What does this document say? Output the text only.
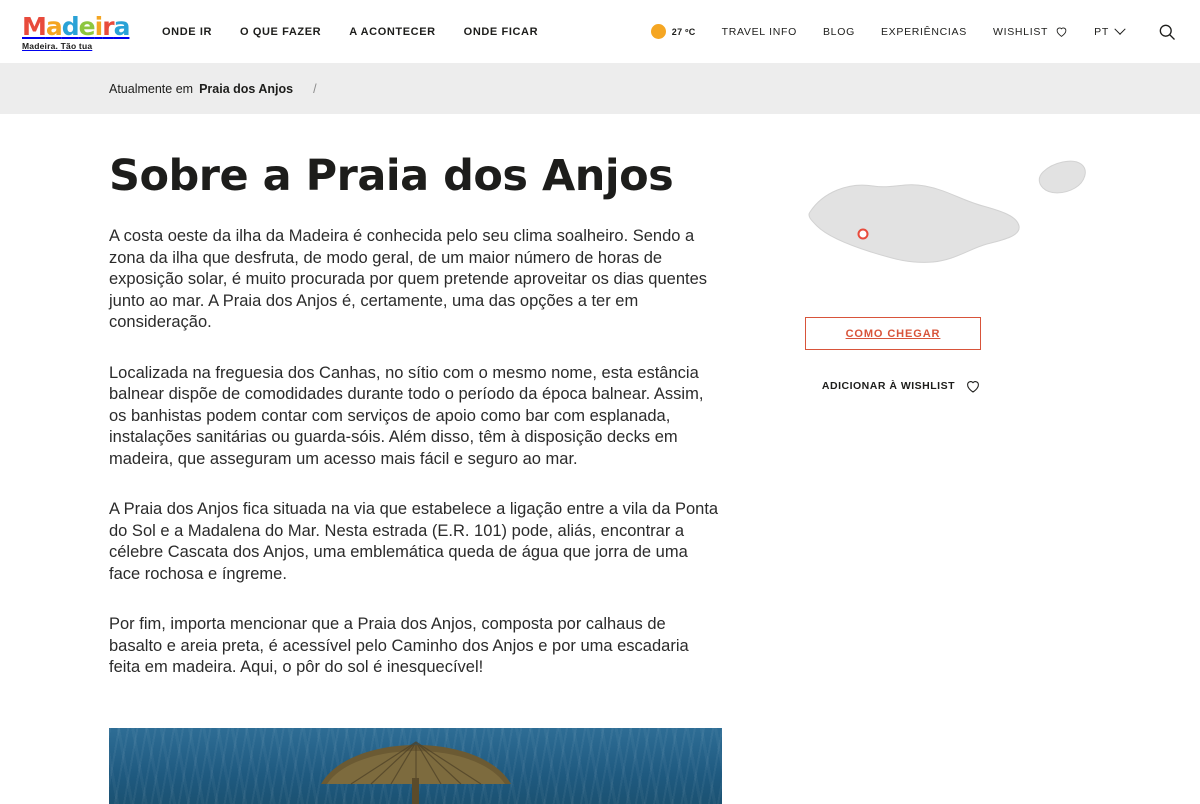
M a d e i r a
Madeira. Tão tua
ONDE IR	O QUE FAZER	A ACONTECER	ONDE FICAR	27 ºC TRAVEL INFO BLOG EXPERIÊNCIAS WISHLIST	PT
Atualmente em Praia dos Anjos /
Sobre a Praia dos Anjos

A costa oeste da ilha da Madeira é conhecida pelo seu clima soalheiro. Sendo a zona da ilha que desfruta, de modo geral, de um maior número de horas de exposição solar, é muito procurada por quem pretende aproveitar os dias quentes junto ao mar. A Praia dos Anjos é, certamente, uma das opções a ter em consideração.

Localizada na freguesia dos Canhas, no sítio com o mesmo nome, esta estância balnear dispõe de comodidades durante todo o período da época balnear. Assim, os banhistas podem contar com serviços de apoio como bar com esplanada, instalações sanitárias ou guarda-sóis. Além disso, têm à disposição decks em madeira, que asseguram um acesso mais fácil e seguro ao mar.

A Praia dos Anjos fica situada na via que estabelece a ligação entre a vila da Ponta do Sol e a Madalena do Mar. Nesta estrada (E.R. 101) pode, aliás, encontrar a célebre Cascata dos Anjos, uma emblemática queda de água que jorra de uma face rochosa e íngreme.

Por fim, importa mencionar que a Praia dos Anjos, composta por calhaus de basalto e areia preta, é acessível pelo Caminho dos Anjos e por uma escadaria feita em madeira. Aqui, o pôr do sol é inesquecível!

COMO CHEGAR
ADICIONAR À WISHLIST
